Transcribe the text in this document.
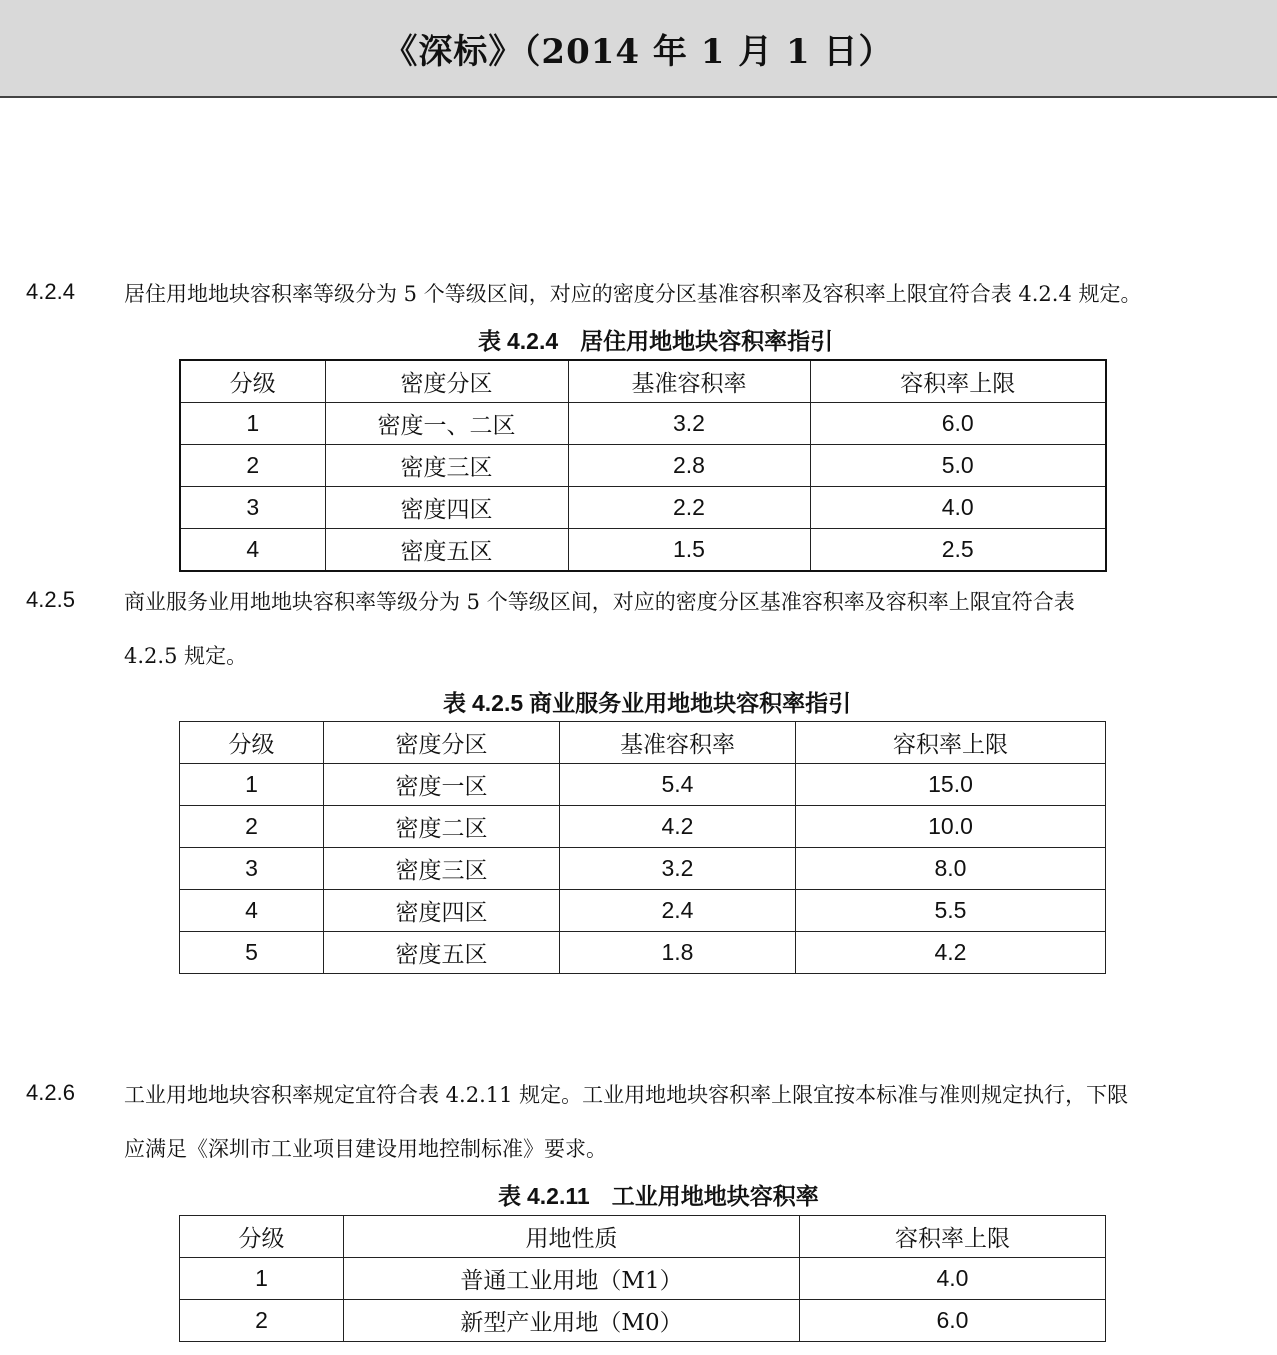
《深标》（2014 年 1 月 1 日）
4.2.4 居住用地地块容积率等级分为 5 个等级区间，对应的密度分区基准容积率及容积率上限宜符合表 4.2.4 规定。
表 4.2.4 居住用地地块容积率指引
分级	密度分区	基准容积率	容积率上限
1	密度一、二区	3.2	6.0
2	密度三区	2.8	5.0
3	密度四区	2.2	4.0
4	密度五区	1.5	2.5
4.2.5 商业服务业用地地块容积率等级分为 5 个等级区间，对应的密度分区基准容积率及容积率上限宜符合表
4.2.5 规定。
表 4.2.5 商业服务业用地地块容积率指引
分级	密度分区	基准容积率	容积率上限
1	密度一区	5.4	15.0
2	密度二区	4.2	10.0
3	密度三区	3.2	8.0
4	密度四区	2.4	5.5
5	密度五区	1.8	4.2
4.2.6 工业用地地块容积率规定宜符合表 4.2.11 规定。工业用地地块容积率上限宜按本标准与准则规定执行，下限
应满足《深圳市工业项目建设用地控制标准》要求。
表 4.2.11 工业用地地块容积率
分级	用地性质	容积率上限
1	普通工业用地（M1）	4.0
2	新型产业用地（M0）	6.0
